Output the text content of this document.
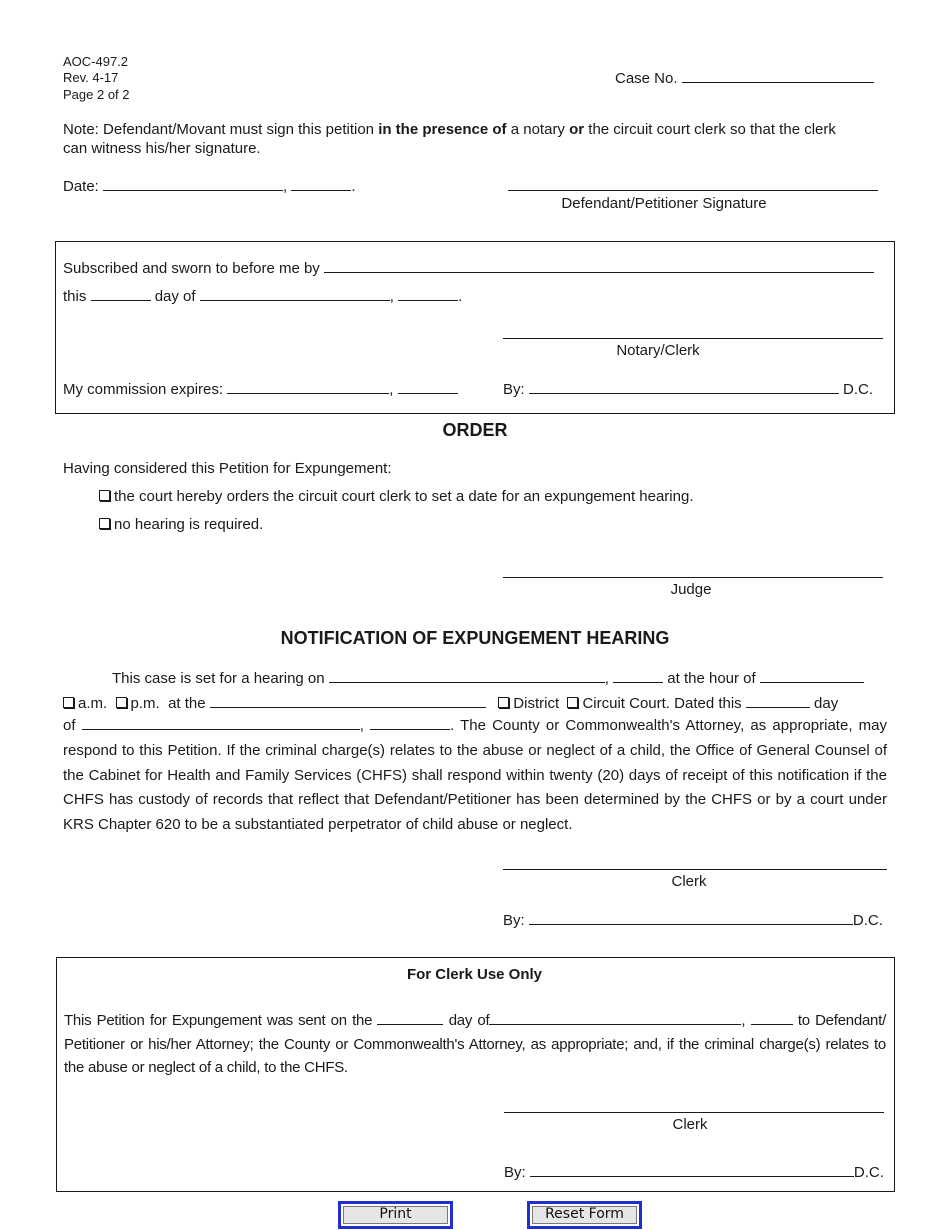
AOC-497.2
Rev. 4-17
Page 2 of 2
Case No.
Note: Defendant/Movant must sign this petition in the presence of a notary or the circuit court clerk so that the clerk can witness his/her signature.
Date:	,	.
Defendant/Petitioner Signature
Subscribed and sworn to before me by
this	day of	,	.
Notary/Clerk
My commission expires:	,	By:	D.C.
ORDER
Having considered this Petition for Expungement:
the court hereby orders the circuit court clerk to set a date for an expungement hearing.
no hearing is required.
Judge
NOTIFICATION OF EXPUNGEMENT HEARING
This case is set for a hearing on	,	at the hour of
a.m. p.m. at the	District Circuit Court. Dated this	day
of	,	. The County or Commonwealth's Attorney, as appropriate, may respond to this Petition. If the criminal charge(s) relates to the abuse or neglect of a child, the Office of General Counsel of the Cabinet for Health and Family Services (CHFS) shall respond within twenty (20) days of receipt of this notification if the CHFS has custody of records that reflect that Defendant/Petitioner has been determined by the CHFS or by a court under KRS Chapter 620 to be a substantiated perpetrator of child abuse or neglect.
Clerk
By:	D.C.
For Clerk Use Only
This Petition for Expungement was sent on the	day of	,	to Defendant/ Petitioner or his/her Attorney; the County or Commonwealth's Attorney, as appropriate; and, if the criminal charge(s) relates to the abuse or neglect of a child, to the CHFS.
Clerk
By:	D.C.
Print	Reset Form
